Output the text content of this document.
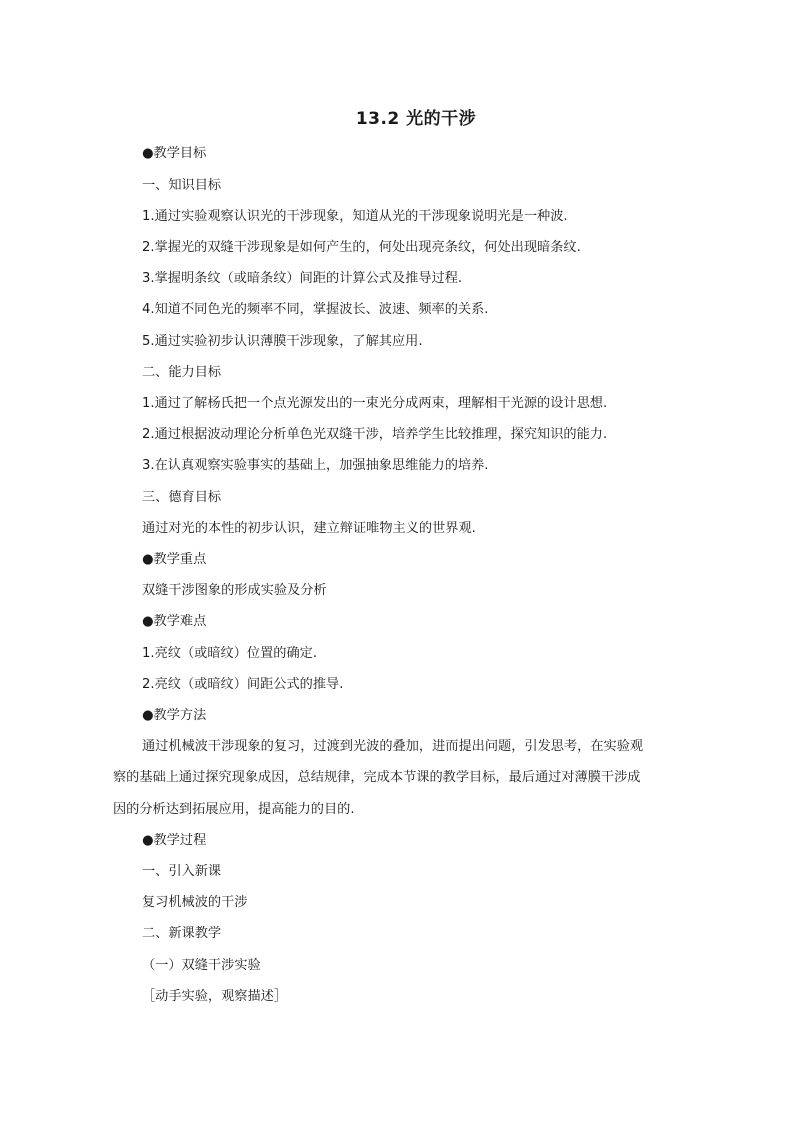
13.2 光的干涉
●教学目标
一、知识目标
1.通过实验观察认识光的干涉现象，知道从光的干涉现象说明光是一种波.
2.掌握光的双缝干涉现象是如何产生的，何处出现亮条纹，何处出现暗条纹.
3.掌握明条纹（或暗条纹）间距的计算公式及推导过程.
4.知道不同色光的频率不同，掌握波长、波速、频率的关系.
5.通过实验初步认识薄膜干涉现象，了解其应用.
二、能力目标
1.通过了解杨氏把一个点光源发出的一束光分成两束，理解相干光源的设计思想.
2.通过根据波动理论分析单色光双缝干涉，培养学生比较推理，探究知识的能力.
3.在认真观察实验事实的基础上，加强抽象思维能力的培养.
三、德育目标
通过对光的本性的初步认识，建立辩证唯物主义的世界观.
●教学重点
双缝干涉图象的形成实验及分析
●教学难点
1.亮纹（或暗纹）位置的确定.
2.亮纹（或暗纹）间距公式的推导.
●教学方法
通过机械波干涉现象的复习，过渡到光波的叠加，进而提出问题，引发思考，在实验观
察的基础上通过探究现象成因，总结规律，完成本节课的教学目标，最后通过对薄膜干涉成
因的分析达到拓展应用，提高能力的目的.
●教学过程
一、引入新课
复习机械波的干涉
二、新课教学
（一）双缝干涉实验
［动手实验，观察描述］
